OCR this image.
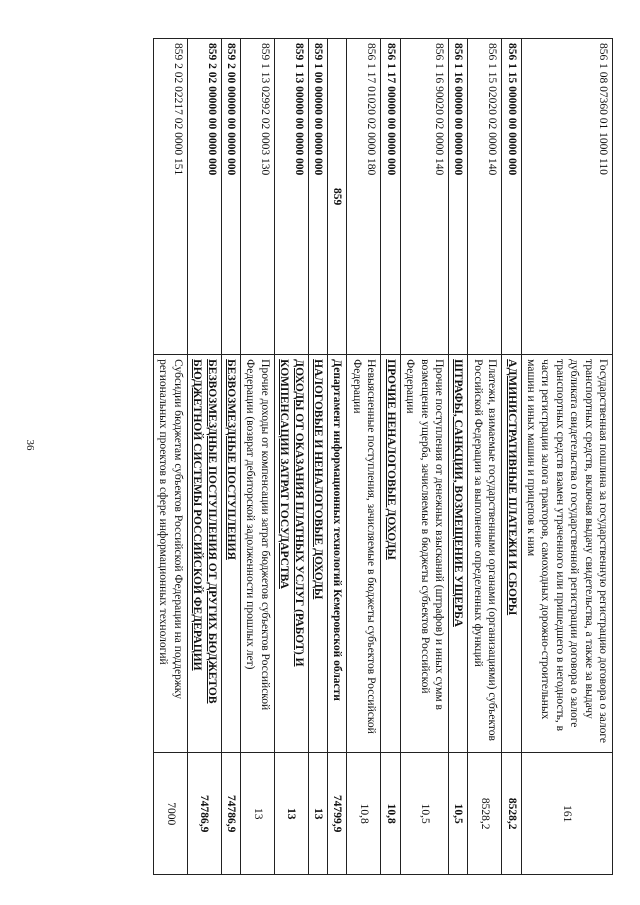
36
856 1 08 07360 01 1000 110	Государственная пошлина за государственную регистрацию договора о залоге транспортных средств, включая выдачу свидетельства, а также за выдачу дубликата свидетельства о государственной регистрации договора о залоге транспортных средств взамен утраченного или пришедшего в негодность, в части регистрации залога тракторов, самоходных дорожно-строительных машин и иных машин и прицепов к ним	161
856 1 15 00000 00 0000 000	АДМИНИСТРАТИВНЫЕ ПЛАТЕЖИ И СБОРЫ	8528,2
856 1 15 02020 02 0000 140	Платежи, взимаемые государственными органами (организациями) субъектов Российской Федерации за выполнение определенных функций	8528,2
856 1 16 00000 00 0000 000	ШТРАФЫ, САНКЦИИ, ВОЗМЕЩЕНИЕ УЩЕРБА	10,5
856 1 16 90020 02 0000 140	Прочие поступления от денежных взысканий (штрафов) и иных сумм в возмещение ущерба, зачисляемые в бюджеты субъектов Российской Федерации	10,5
856 1 17 00000 00 0000 000	ПРОЧИЕ НЕНАЛОГОВЫЕ ДОХОДЫ	10,8
856 1 17 01020 02 0000 180	Невыясненные поступления, зачисляемые в бюджеты субъектов Российской Федерации	10,8
859	Департамент информационных технологий Кемеровской области	74799,9
859 1 00 00000 00 0000 000	НАЛОГОВЫЕ И НЕНАЛОГОВЫЕ ДОХОДЫ	13
859 1 13 00000 00 0000 000	ДОХОДЫ ОТ ОКАЗАНИЯ ПЛАТНЫХ УСЛУГ (РАБОТ) И КОМПЕНСАЦИИ ЗАТРАТ ГОСУДАРСТВА	13
859 1 13 02992 02 0003 130	Прочие доходы от компенсации затрат бюджетов субъектов Российской Федерации (возврат дебиторской задолженности прошлых лет)	13
859 2 00 00000 00 0000 000	БЕЗВОЗМЕЗДНЫЕ ПОСТУПЛЕНИЯ	74786,9
859 2 02 00000 00 0000 000	БЕЗВОЗМЕЗДНЫЕ ПОСТУПЛЕНИЯ ОТ ДРУГИХ БЮДЖЕТОВ БЮДЖЕТНОЙ СИСТЕМЫ РОССИЙСКОЙ ФЕДЕРАЦИИ	74786,9
859 2 02 02217 02 0000 151	Субсидии бюджетам субъектов Российской Федерации на поддержку региональных проектов в сфере информационных технологий	7000
